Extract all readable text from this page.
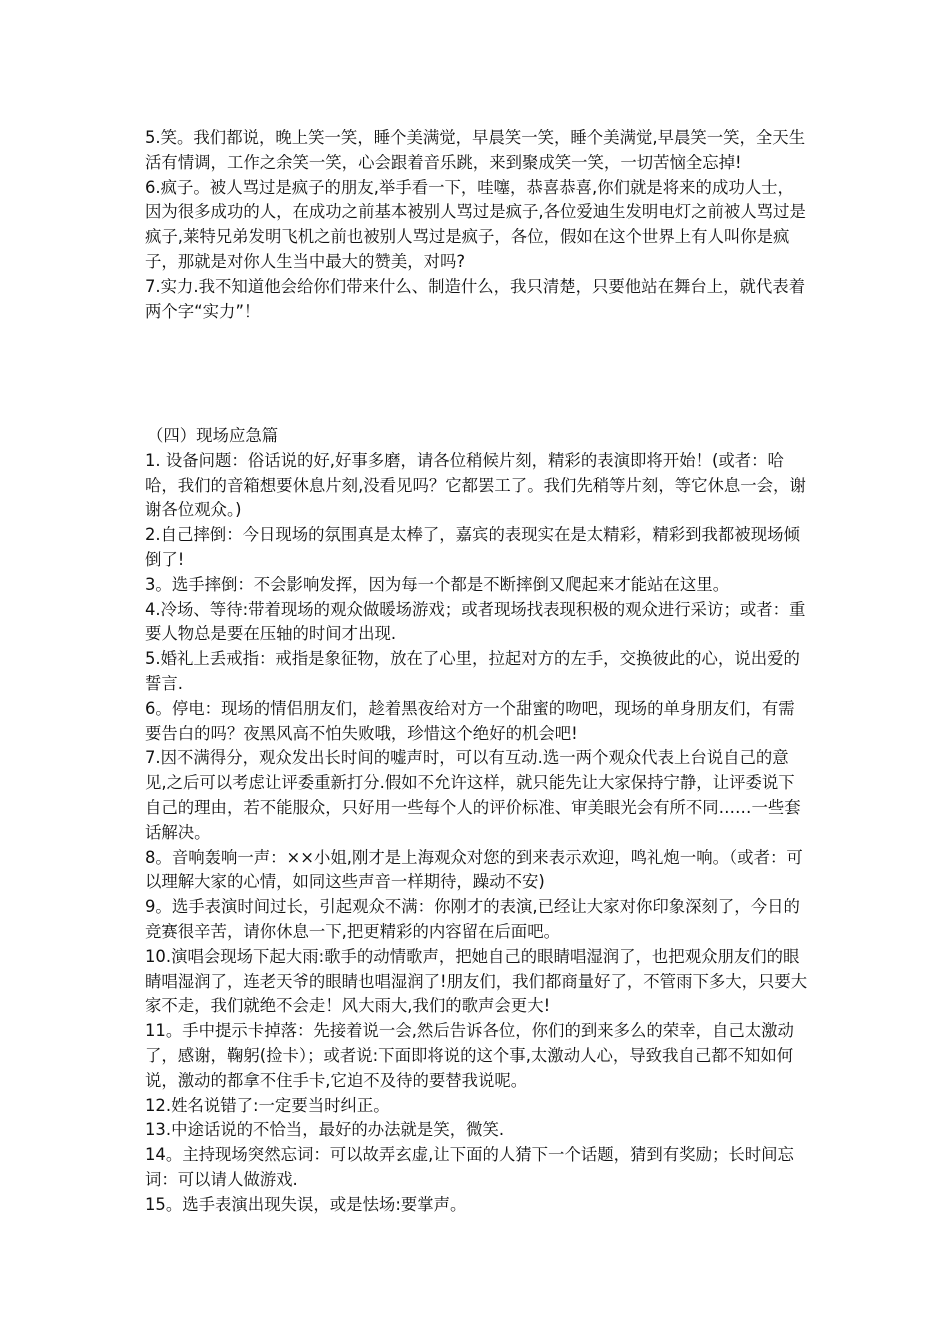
5.笑。我们都说，晚上笑一笑，睡个美满觉，早晨笑一笑，睡个美满觉,早晨笑一笑，全天生活有情调，工作之余笑一笑，心会跟着音乐跳，来到聚成笑一笑，一切苦恼全忘掉!

6.疯子。被人骂过是疯子的朋友,举手看一下，哇噻，恭喜恭喜,你们就是将来的成功人士，因为很多成功的人，在成功之前基本被别人骂过是疯子,各位爱迪生发明电灯之前被人骂过是疯子,莱特兄弟发明飞机之前也被别人骂过是疯子，各位，假如在这个世界上有人叫你是疯子，那就是对你人生当中最大的赞美，对吗?

7.实力.我不知道他会给你们带来什么、制造什么，我只清楚，只要他站在舞台上，就代表着两个字“实力”！

（四）现场应急篇

1. 设备问题：俗话说的好,好事多磨，请各位稍候片刻，精彩的表演即将开始！(或者：哈哈，我们的音箱想要休息片刻,没看见吗？它都罢工了。我们先稍等片刻，等它休息一会，谢谢各位观众。)

2.自己摔倒：今日现场的氛围真是太棒了，嘉宾的表现实在是太精彩，精彩到我都被现场倾倒了!

3。选手摔倒：不会影响发挥，因为每一个都是不断摔倒又爬起来才能站在这里。

4.冷场、等待:带着现场的观众做暖场游戏；或者现场找表现积极的观众进行采访；或者：重要人物总是要在压轴的时间才出现.

5.婚礼上丢戒指：戒指是象征物，放在了心里，拉起对方的左手，交换彼此的心，说出爱的誓言.

6。停电：现场的情侣朋友们，趁着黑夜给对方一个甜蜜的吻吧，现场的单身朋友们，有需要告白的吗？夜黑风高不怕失败哦，珍惜这个绝好的机会吧!

7.因不满得分，观众发出长时间的嘘声时，可以有互动.选一两个观众代表上台说自己的意见,之后可以考虑让评委重新打分.假如不允许这样，就只能先让大家保持宁静，让评委说下自己的理由，若不能服众，只好用一些每个人的评价标准、审美眼光会有所不同……一些套话解决。

8。音响轰响一声：××小姐,刚才是上海观众对您的到来表示欢迎，鸣礼炮一响。（或者：可以理解大家的心情，如同这些声音一样期待，躁动不安)

9。选手表演时间过长，引起观众不满：你刚才的表演,已经让大家对你印象深刻了，今日的竞赛很辛苦，请你休息一下,把更精彩的内容留在后面吧。

10.演唱会现场下起大雨:歌手的动情歌声，把她自己的眼睛唱湿润了，也把观众朋友们的眼睛唱湿润了，连老天爷的眼睛也唱湿润了!朋友们，我们都商量好了，不管雨下多大，只要大家不走，我们就绝不会走！风大雨大,我们的歌声会更大!

11。手中提示卡掉落：先接着说一会,然后告诉各位，你们的到来多么的荣幸，自己太激动了，感谢，鞠躬(捡卡）；或者说:下面即将说的这个事,太激动人心，导致我自己都不知如何说，激动的都拿不住手卡,它迫不及待的要替我说呢。

12.姓名说错了:一定要当时纠正。

13.中途话说的不恰当，最好的办法就是笑，微笑.

14。主持现场突然忘词：可以故弄玄虚,让下面的人猜下一个话题，猜到有奖励；长时间忘词：可以请人做游戏.

15。选手表演出现失误，或是怯场:要掌声。
